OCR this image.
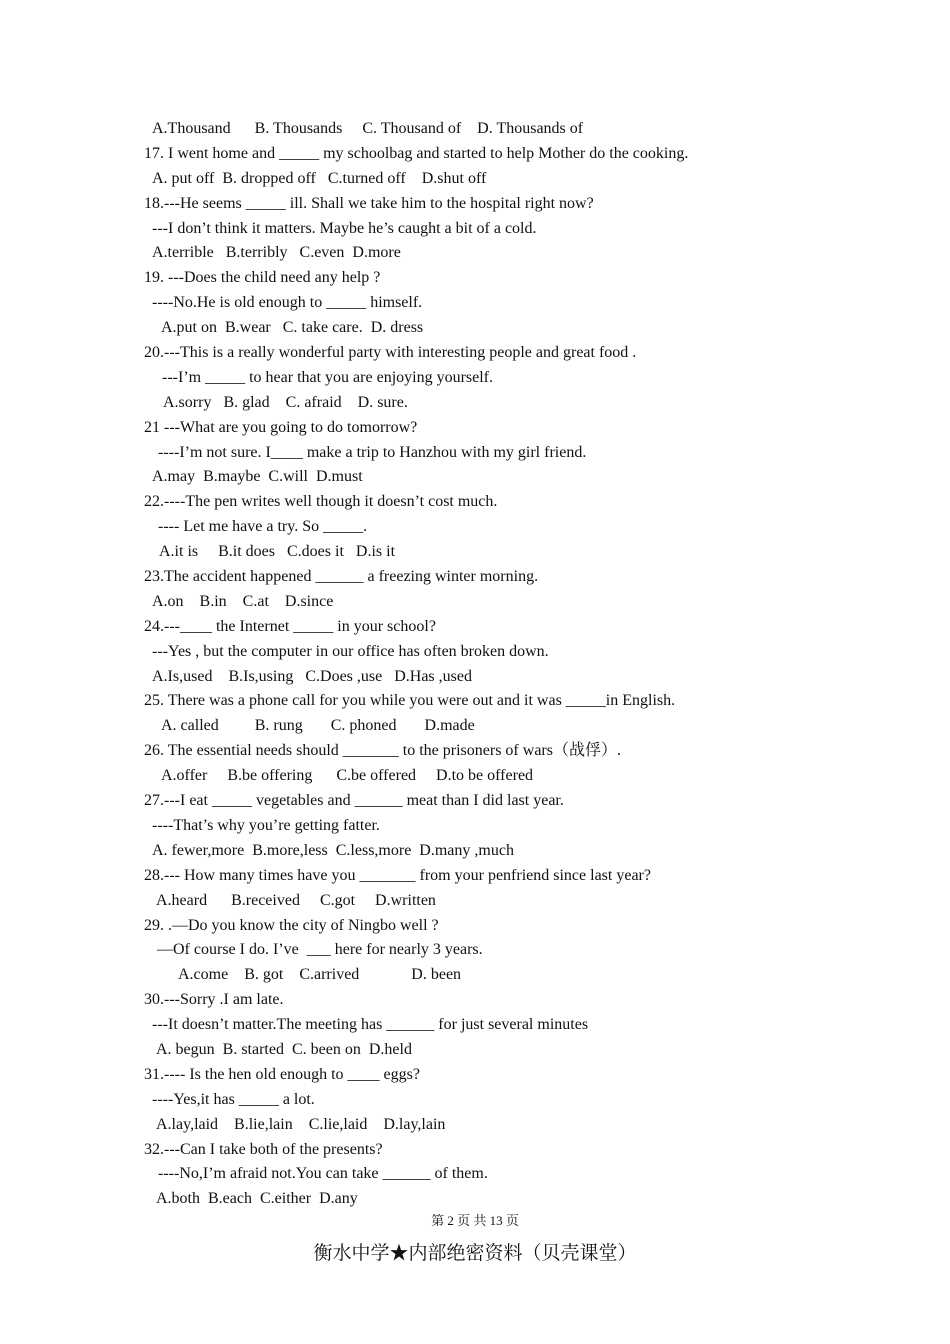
A.Thousand      B. Thousands     C. Thousand of    D. Thousands of
17. I went home and _____ my schoolbag and started to help Mother do the cooking.
A. put off  B. dropped off   C.turned off    D.shut off
18.---He seems _____ ill. Shall we take him to the hospital right now?
---I don’t think it matters. Maybe he’s caught a bit of a cold.
A.terrible   B.terribly   C.even  D.more
19. ---Does the child need any help ?
----No.He is old enough to _____ himself.
A.put on  B.wear   C. take care.  D. dress
20.---This is a really wonderful party with interesting people and great food .
---I’m _____ to hear that you are enjoying yourself.
A.sorry   B. glad    C. afraid    D. sure.
21 ---What are you going to do tomorrow?
----I’m not sure. I____ make a trip to Hanzhou with my girl friend.
A.may  B.maybe  C.will  D.must
22.----The pen writes well though it doesn’t cost much.
---- Let me have a try. So _____.
A.it is     B.it does   C.does it   D.is it
23.The accident happened ______ a freezing winter morning.
A.on    B.in    C.at    D.since
24.---____ the Internet _____ in your school?
---Yes , but the computer in our office has often broken down.
A.Is,used    B.Is,using   C.Does ,use   D.Has ,used
25. There was a phone call for you while you were out and it was _____in English.
A. called         B. rung       C. phoned       D.made
26. The essential needs should _______ to the prisoners of wars（战俘）.
A.offer     B.be offering      C.be offered     D.to be offered
27.---I eat _____ vegetables and ______ meat than I did last year.
----That’s why you’re getting fatter.
A. fewer,more  B.more,less  C.less,more  D.many ,much
28.--- How many times have you _______ from your penfriend since last year?
A.heard      B.received     C.got     D.written
29. .—Do you know the city of Ningbo well ?
—Of course I do. I’ve  ___ here for nearly 3 years.
A.come    B. got    C.arrived             D. been
30.---Sorry .I am late.
---It doesn’t matter.The meeting has ______ for just several minutes
A. begun  B. started  C. been on  D.held
31.---- Is the hen old enough to ____ eggs?
----Yes,it has _____ a lot.
A.lay,laid    B.lie,lain    C.lie,laid    D.lay,lain
32.---Can I take both of the presents?
----No,I’m afraid not.You can take ______ of them.
A.both  B.each  C.either  D.any
第 2 页 共 13 页
衡水中学★内部绝密资料（贝壳课堂）
